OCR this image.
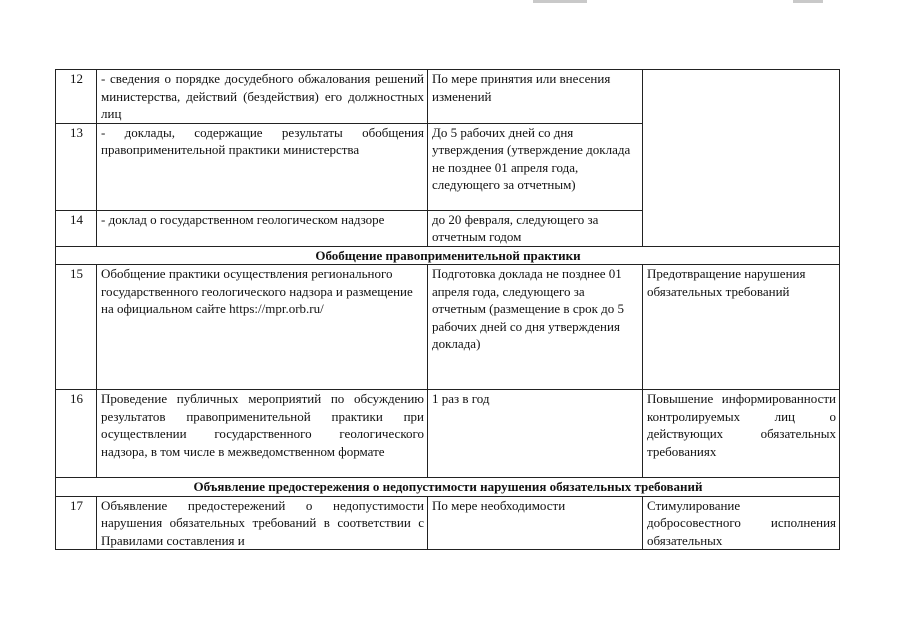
12	- сведения о порядке досудебного обжалования решений министерства, действий (бездействия) его должностных лиц	По мере принятия или внесения изменений	
13	- доклады, содержащие результаты обобщения правоприменительной практики министерства	До 5 рабочих дней со дня утверждения (утверждение доклада не позднее 01 апреля года, следующего за отчетным)	
14	- доклад о государственном геологическом надзоре	до 20 февраля, следующего за отчетным годом	
Обобщение правоприменительной практики			
15	Обобщение практики осуществления регионального государственного геологического надзора и размещение на официальном сайте https://mpr.orb.ru/	Подготовка доклада не позднее 01 апреля года, следующего за отчетным (размещение в срок до 5 рабочих дней со дня утверждения доклада)	Предотвращение нарушения обязательных требований
16	Проведение публичных мероприятий по обсуждению результатов правоприменительной практики при осуществлении государственного геологического надзора, в том числе в межведомственном формате	1 раз в год	Повышение информированности контролируемых лиц о действующих обязательных требованиях
Объявление предостережения о недопустимости нарушения обязательных требований			
17	Объявление предостережений о недопустимости нарушения обязательных требований в соответствии с Правилами составления и	По мере необходимости	Стимулирование добросовестного исполнения обязательных
